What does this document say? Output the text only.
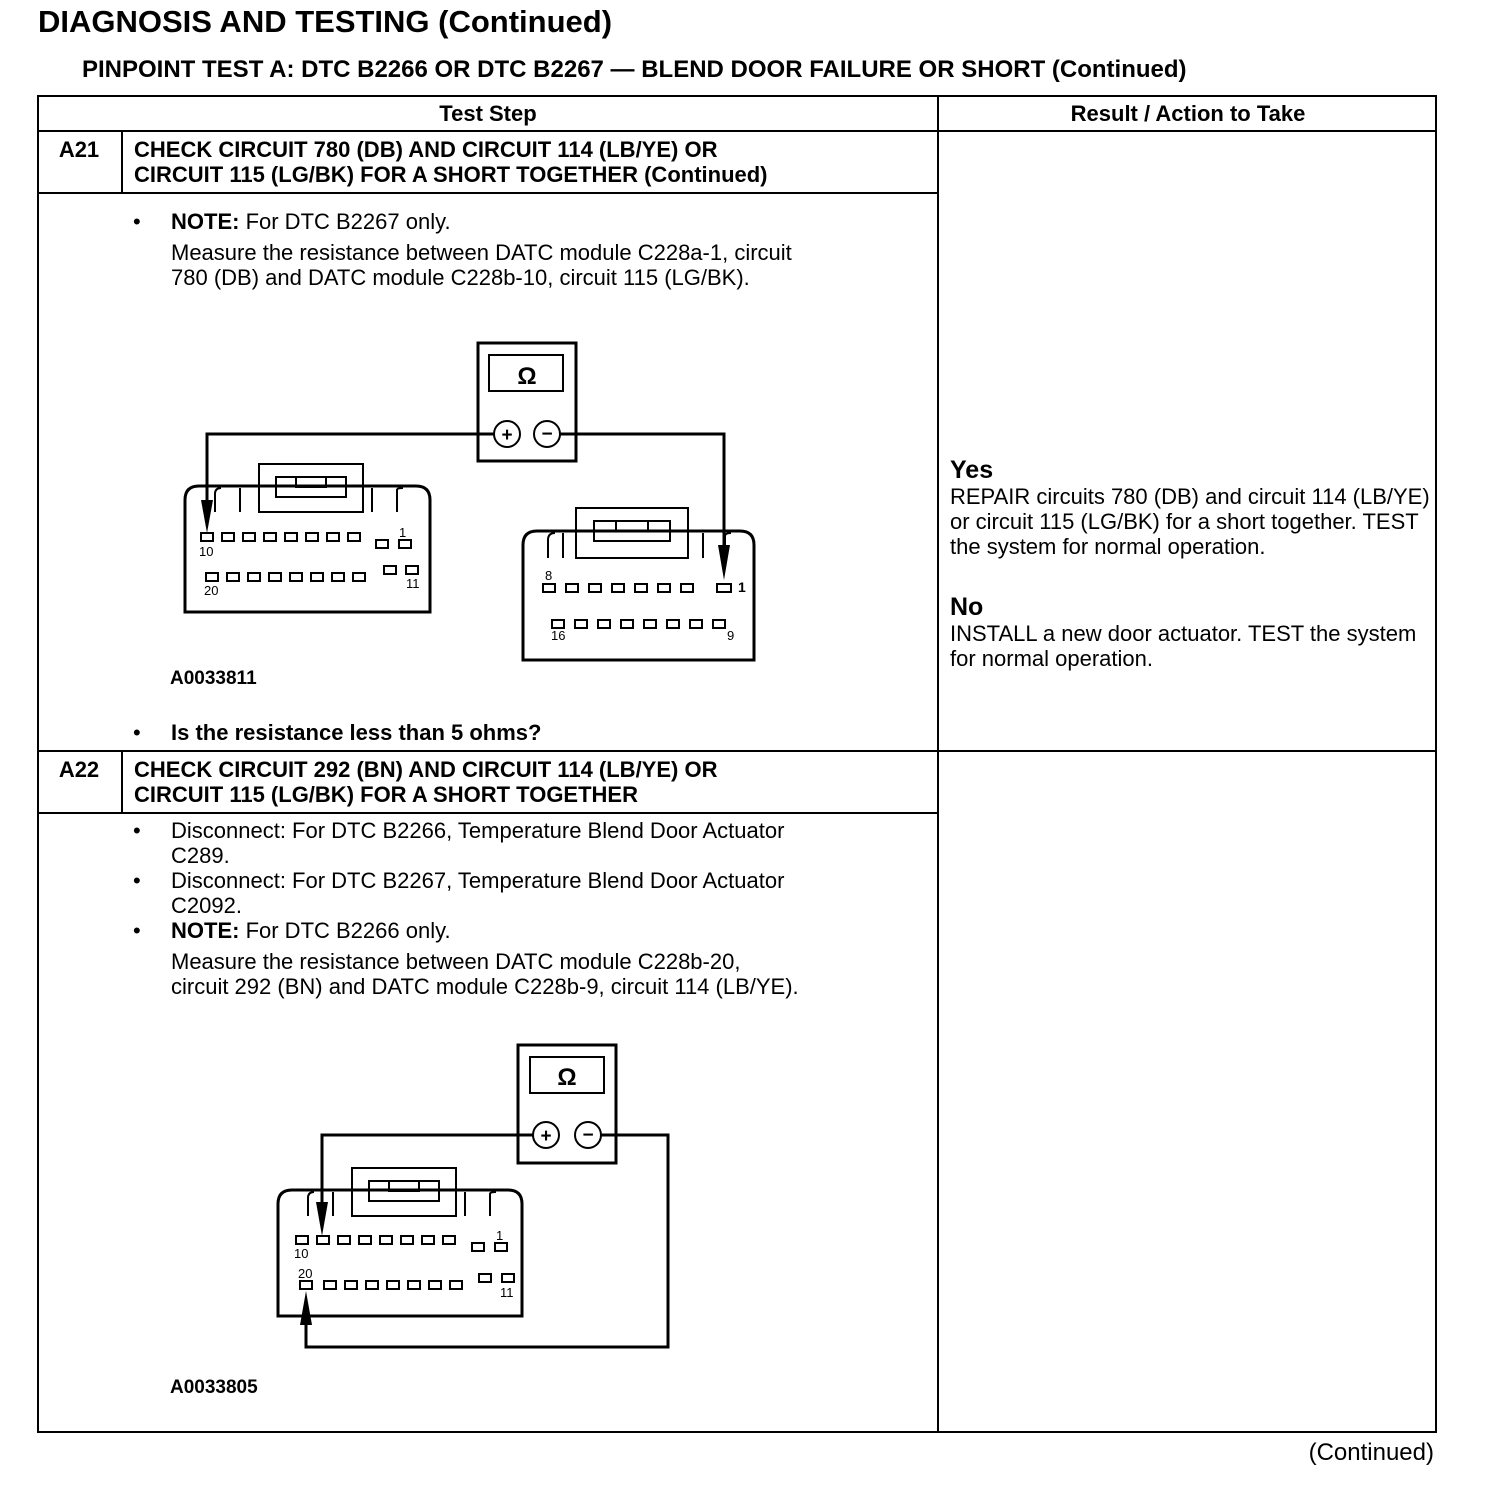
DIAGNOSIS AND TESTING (Continued)
PINPOINT TEST A: DTC B2266 OR DTC B2267 — BLEND DOOR FAILURE OR SHORT (Continued)
Test Step	Result / Action to Take
A21	CHECK CIRCUIT 780 (DB) AND CIRCUIT 114 (LB/YE) OR
CIRCUIT 115 (LG/BK) FOR A SHORT TOGETHER (Continued)
• NOTE: For DTC B2267 only.
Measure the resistance between DATC module C228a-1, circuit
780 (DB) and DATC module C228b-10, circuit 115 (LG/BK).
Ω
+ −
10
1
20	11
8
1
16	9
Ω
+ −
10
1
20
11
A0033811
• Is the resistance less than 5 ohms?
Yes
REPAIR circuits 780 (DB) and circuit 114 (LB/YE) or circuit 115 (LG/BK) for a short together. TEST the system for normal operation.
No
INSTALL a new door actuator. TEST the system for normal operation.
A22	CHECK CIRCUIT 292 (BN) AND CIRCUIT 114 (LB/YE) OR
CIRCUIT 115 (LG/BK) FOR A SHORT TOGETHER
• Disconnect: For DTC B2266, Temperature Blend Door Actuator
C289.
• Disconnect: For DTC B2267, Temperature Blend Door Actuator
C2092.
• NOTE: For DTC B2266 only.
Measure the resistance between DATC module C228b-20,
circuit 292 (BN) and DATC module C228b-9, circuit 114 (LB/YE).
A0033805
(Continued)
